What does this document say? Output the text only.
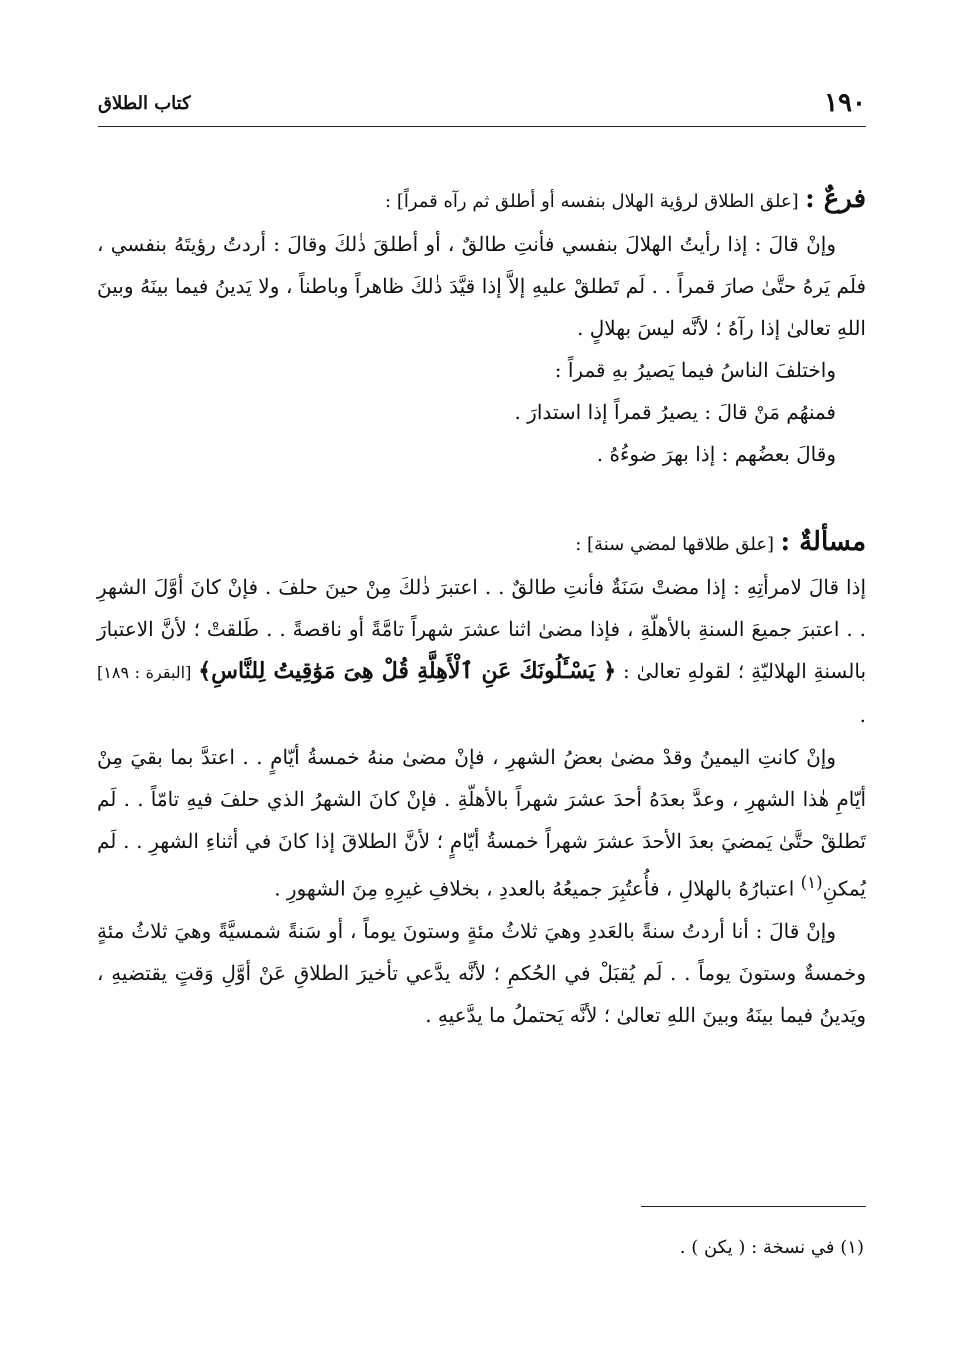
١٩٠
كتاب الطلاق

فرعٌ : [علق الطلاق لرؤية الهلال بنفسه أو أطلق ثم رآه قمراً] :

وإنْ قالَ : إذا رأيتُ الهلالَ بنفسي فأنتِ طالقٌ ، أو أطلقَ ذٰلكَ وقالَ : أردتُ رؤيتَهُ بنفسي ، فلَم يَرهُ حتَّىٰ صارَ قمراً . . لَم تَطلقْ عليهِ إلاَّ إذا قيَّدَ ذٰلكَ ظاهراً وباطناً ، ولا يَدينُ فيما بينَهُ وبينَ اللهِ تعالىٰ إذا رآهُ ؛ لأنَّه ليسَ بهلالٍ .

واختلفَ الناسُ فيما يَصيرُ بهِ قمراً :

فمنهُم مَنْ قالَ : يصيرُ قمراً إذا استدارَ .

وقالَ بعضُهم : إذا بهرَ ضوءُهُ .

مسألةٌ : [علق طلاقها لمضي سنة] :

إذا قالَ لامرأتِهِ : إذا مضتْ سَنَةٌ فأنتِ طالقٌ . . اعتبرَ ذٰلكَ مِنْ حينَ حلفَ . فإنْ كانَ أوَّلَ الشهرِ . . اعتبرَ جميعَ السنةِ بالأهلّةِ ، فإذا مضىٰ اثنا عشرَ شهراً تامَّةً أو ناقصةً . . طَلقتْ ؛ لأنَّ الاعتبارَ بالسنةِ الهلاليّةِ ؛ لقولهِ تعالىٰ : ﴿ يَسْـَٔلُونَكَ عَنِ ٱلْأَهِلَّةِ قُلْ هِىَ مَوَٰقِيتُ لِلنَّاسِ﴾ [البقرة : ١٨٩] .

وإنْ كانتِ اليمينُ وقدْ مضىٰ بعضُ الشهرِ ، فإنْ مضىٰ منهُ خمسةُ أيّامٍ . . اعتدَّ بما بقيَ مِنْ أيّامِ هٰذا الشهرِ ، وعدَّ بعدَهُ أحدَ عشرَ شهراً بالأهلّةِ . فإنْ كانَ الشهرُ الذي حلفَ فيهِ تامّاً . . لَم تَطلقْ حتَّىٰ يَمضيَ بعدَ الأحدَ عشرَ شهراً خمسةُ أيّامٍ ؛ لأنَّ الطلاقَ إذا كانَ في أثناءِ الشهرِ . . لَم يُمكنِ$^{(١)}$ اعتبارُهُ بالهلالِ ، فأُعتُبِرَ جميعُهُ بالعددِ ، بخلافِ غيرِهِ مِنَ الشهورِ .

وإنْ قالَ : أنا أردتُ سنةً بالعَددِ وهيَ ثلاثُ مئةٍ وستونَ يوماً ، أو سَنةً شمسيَّةً وهيَ ثلاثُ مئةٍ وخمسةٌ وستونَ يوماً . . لَم يُقبَلْ في الحُكمِ ؛ لأنَّه يدَّعي تأخيرَ الطلاقِ عَنْ أوَّلِ وَقتٍ يقتضيهِ ، ويَدينُ فيما بينَهُ وبينَ اللهِ تعالىٰ ؛ لأنَّه يَحتملُ ما يدَّعيهِ .

(١) في نسخة : ( يكن ) .
